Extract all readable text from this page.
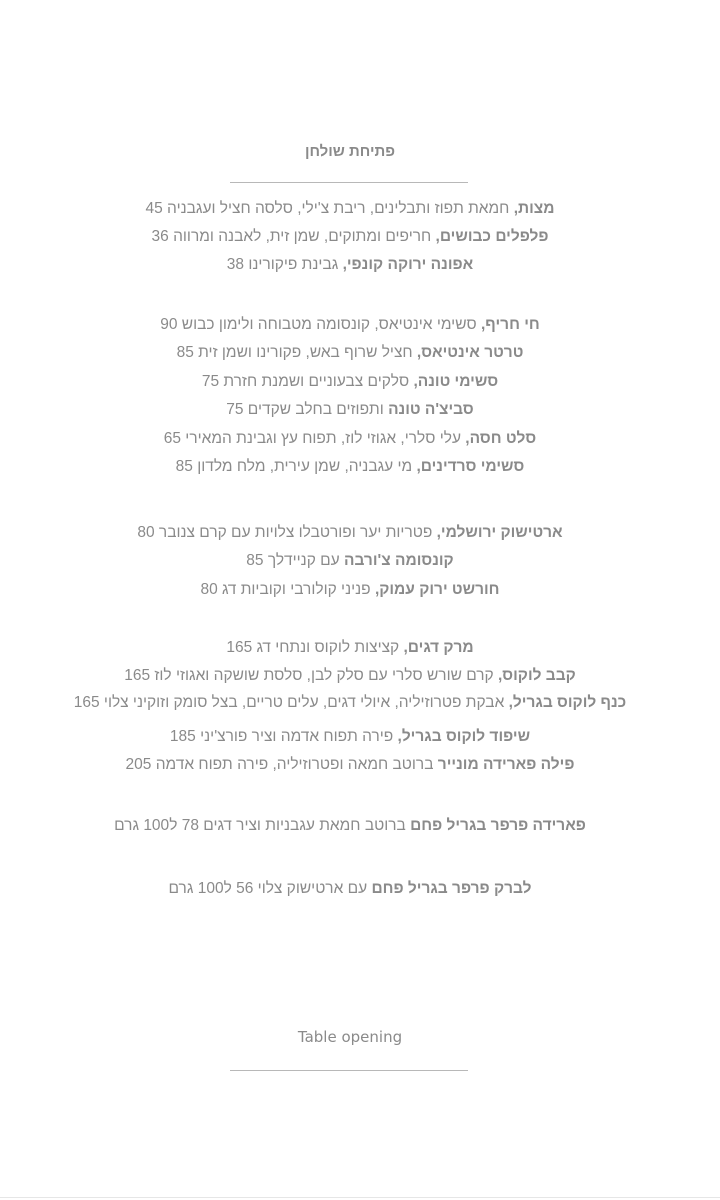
פתיחת שולחן
מצות, חמאת תפוז ותבלינים, ריבת צ'ילי, סלסה חציל ועגבניה 45
פלפלים כבושים, חריפים ומתוקים, שמן זית, לאבנה ומרווה 36
אפונה ירוקה קונפי, גבינת פיקורינו 38
חי חריף, סשימי אינטיאס, קונסומה מטבוחה ולימון כבוש 90
טרטר אינטיאס, חציל שרוף באש, פקורינו ושמן זית 85
סשימי טונה, סלקים צבעוניים ושמנת חזרת 75
סביצ'ה טונה ותפוזים בחלב שקדים 75
סלט חסה, עלי סלרי, אגוזי לוז, תפוח עץ וגבינת המאירי 65
סשימי סרדינים, מי עגבניה, שמן עירית, מלח מלדון 85
ארטישוק ירושלמי, פטריות יער ופורטבלו צלויות עם קרם צנובר 80
קונסומה צ'ורבה עם קניידלך 85
חורשט ירוק עמוק, פניני קולורבי וקוביות דג 80
מרק דגים, קציצות לוקוס ונתחי דג 165
קבב לוקוס, קרם שורש סלרי עם סלק לבן, סלסת שושקה ואגוזי לוז 165
כנף לוקוס בגריל, אבקת פטרוזיליה, איולי דגים, עלים טריים, בצל סומק וזוקיני צלוי 165
שיפוד לוקוס בגריל, פירה תפוח אדמה וציר פורצ'יני 185
פילה פארידה מונייר ברוטב חמאה ופטרוזיליה, פירה תפוח אדמה 205
פארידה פרפר בגריל פחם ברוטב חמאת עגבניות וציר דגים 78 ל100 גרם
לברק פרפר בגריל פחם עם ארטישוק צלוי 56 ל100 גרם
Table opening
